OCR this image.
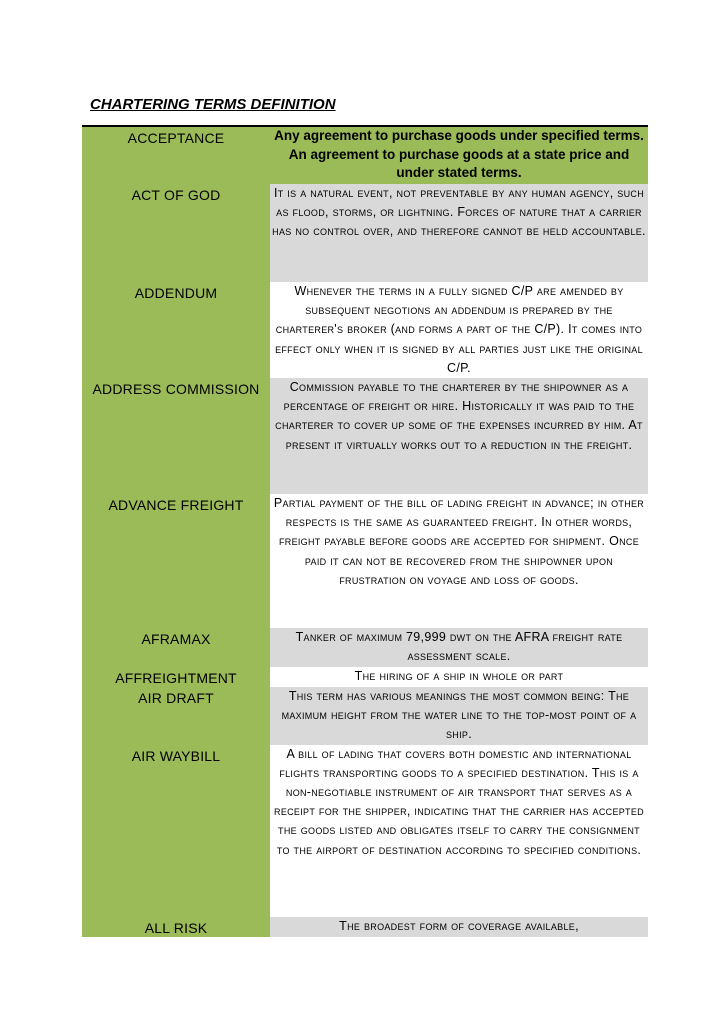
CHARTERING TERMS DEFINITION
ACCEPTANCE	Any agreement to purchase goods under specified terms. An agreement to purchase goods at a state price and under stated terms.
ACT OF GOD	It is a natural event, not preventable by any human agency, such as flood, storms, or lightning. Forces of nature that a carrier has no control over, and therefore cannot be held accountable.
ADDENDUM	Whenever the terms in a fully signed C/P are amended by subsequent negotions an addendum is prepared by the charterer's broker (and forms a part of the C/P). It comes into effect only when it is signed by all parties just like the original C/P.
ADDRESS COMMISSION	Commission payable to the charterer by the shipowner as a percentage of freight or hire. Historically it was paid to the charterer to cover up some of the expenses incurred by him. At present it virtually works out to a reduction in the freight.
ADVANCE FREIGHT	Partial payment of the bill of lading freight in advance; in other respects is the same as guaranteed freight. In other words, freight payable before goods are accepted for shipment. Once paid it can not be recovered from the shipowner upon frustration on voyage and loss of goods.
AFRAMAX	Tanker of maximum 79,999 dwt on the AFRA freight rate assessment scale.
AFFREIGHTMENT	The hiring of a ship in whole or part
AIR DRAFT	This term has various meanings the most common being: The maximum height from the water line to the top-most point of a ship.
AIR WAYBILL	A bill of lading that covers both domestic and international flights transporting goods to a specified destination. This is a non-negotiable instrument of air transport that serves as a receipt for the shipper, indicating that the carrier has accepted the goods listed and obligates itself to carry the consignment to the airport of destination according to specified conditions.
ALL RISK	The broadest form of coverage available,
